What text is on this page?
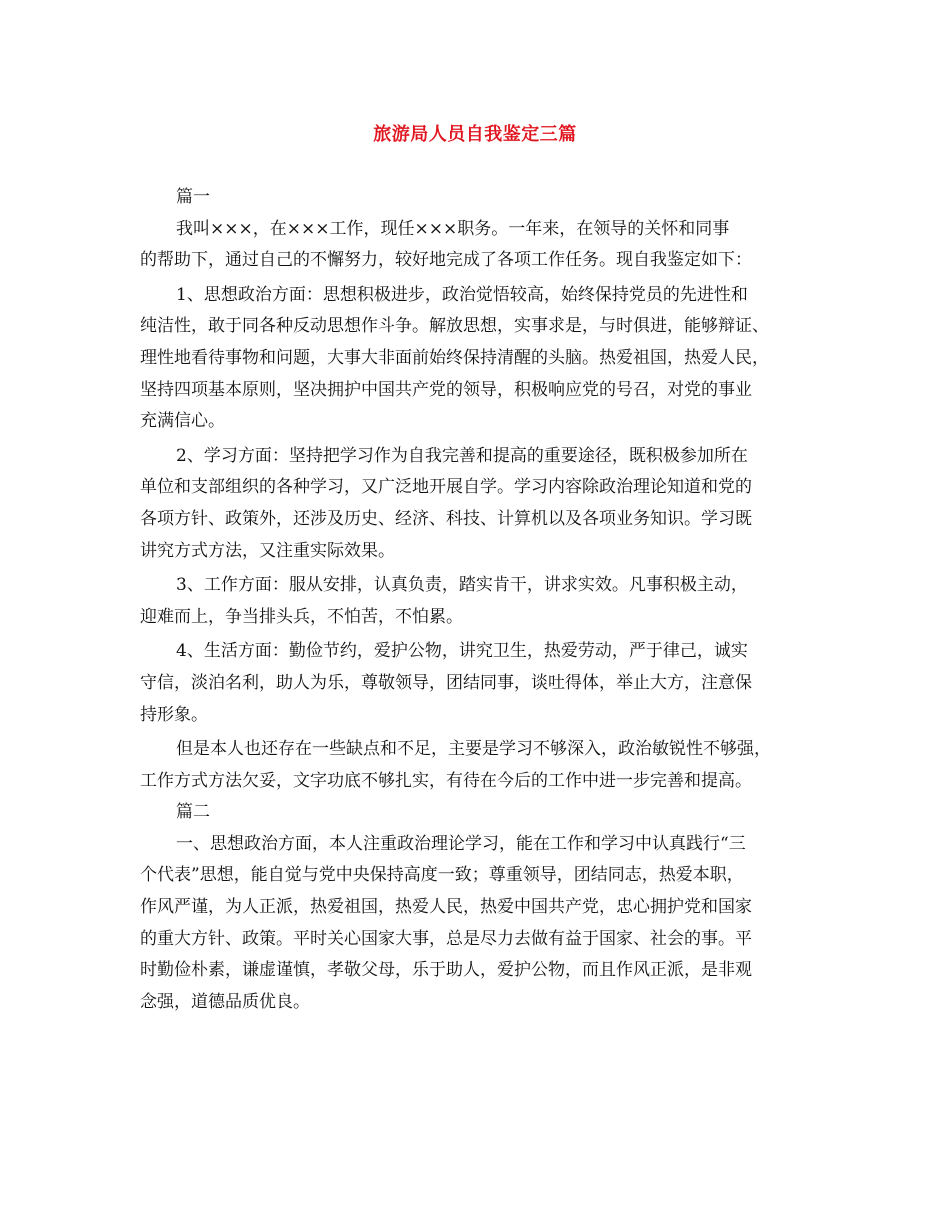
旅游局人员自我鉴定三篇
篇一
我叫×××，在×××工作，现任×××职务。一年来，在领导的关怀和同事
的帮助下，通过自己的不懈努力，较好地完成了各项工作任务。现自我鉴定如下：
1、思想政治方面：思想积极进步，政治觉悟较高，始终保持党员的先进性和
纯洁性，敢于同各种反动思想作斗争。解放思想，实事求是，与时俱进，能够辩证、
理性地看待事物和问题，大事大非面前始终保持清醒的头脑。热爱祖国，热爱人民，
坚持四项基本原则，坚决拥护中国共产党的领导，积极响应党的号召，对党的事业
充满信心。
2、学习方面：坚持把学习作为自我完善和提高的重要途径，既积极参加所在
单位和支部组织的各种学习，又广泛地开展自学。学习内容除政治理论知道和党的
各项方针、政策外，还涉及历史、经济、科技、计算机以及各项业务知识。学习既
讲究方式方法，又注重实际效果。
3、工作方面：服从安排，认真负责，踏实肯干，讲求实效。凡事积极主动，
迎难而上，争当排头兵，不怕苦，不怕累。
4、生活方面：勤俭节约，爱护公物，讲究卫生，热爱劳动，严于律己，诚实
守信，淡泊名利，助人为乐，尊敬领导，团结同事，谈吐得体，举止大方，注意保
持形象。
但是本人也还存在一些缺点和不足，主要是学习不够深入，政治敏锐性不够强，
工作方式方法欠妥，文字功底不够扎实，有待在今后的工作中进一步完善和提高。
篇二
一、思想政治方面，本人注重政治理论学习，能在工作和学习中认真践行“三
个代表”思想，能自觉与党中央保持高度一致；尊重领导，团结同志，热爱本职，
作风严谨，为人正派，热爱祖国，热爱人民，热爱中国共产党，忠心拥护党和国家
的重大方针、政策。平时关心国家大事，总是尽力去做有益于国家、社会的事。平
时勤俭朴素，谦虚谨慎，孝敬父母，乐于助人，爱护公物，而且作风正派，是非观
念强，道德品质优良。
